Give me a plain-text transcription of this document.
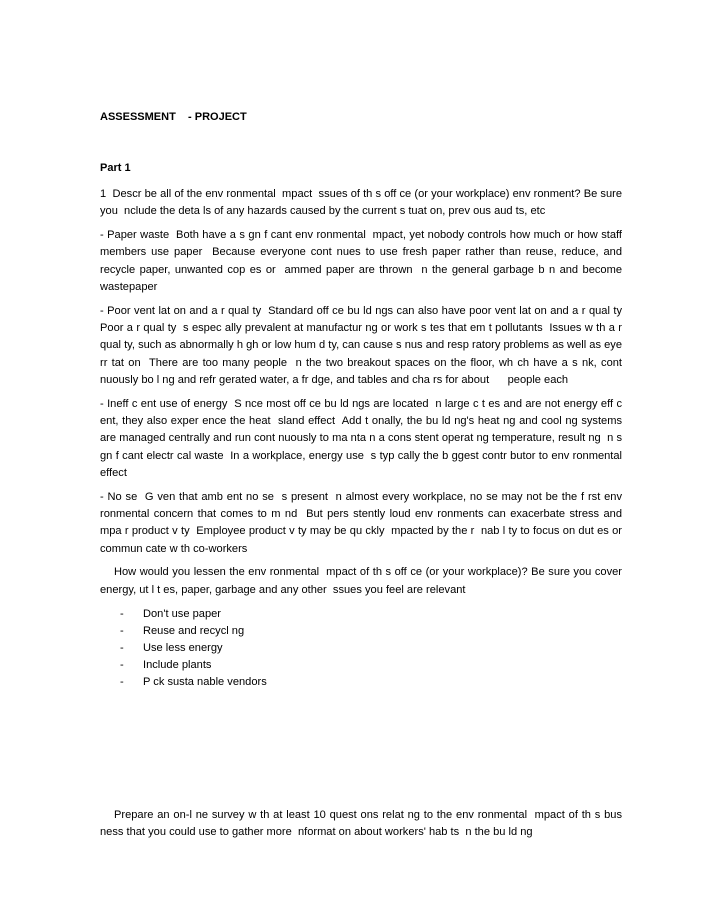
ASSESSMENT    - PROJECT

Part 1

1  Descr be all of the env ronmental  mpact  ssues of th s off ce (or your workplace) env ronment? Be sure you  nclude the deta ls of any hazards caused by the current s tuat on, prev ous aud ts, etc

- Paper waste  Both have a s gn f cant env ronmental  mpact, yet nobody controls how much or how staff members use paper  Because everyone cont nues to use fresh paper rather than reuse, reduce, and recycle paper, unwanted cop es or  ammed paper are thrown  n the general garbage b n and become wastepaper

- Poor vent lat on and a r qual ty  Standard off ce bu ld ngs can also have poor vent lat on and a r qual ty  Poor a r qual ty  s espec ally prevalent at manufactur ng or work s tes that em t pollutants  Issues w th a r qual ty, such as abnormally h gh or low hum d ty, can cause s nus and resp ratory problems as well as eye  rr tat on  There are too many people  n the two breakout spaces on the floor, wh ch have a s nk, cont nuously bo l ng and refr gerated water, a fr dge, and tables and cha rs for about      people each

- Ineff c ent use of energy  S nce most off ce bu ld ngs are located  n large c t es and are not energy eff c ent, they also exper ence the heat  sland effect  Add t onally, the bu ld ng's heat ng and cool ng systems are managed centrally and run cont nuously to ma nta n a cons stent operat ng temperature, result ng  n s gn f cant electr cal waste  In a workplace, energy use  s typ cally the b ggest contr butor to env ronmental effect

- No se  G ven that amb ent no se  s present  n almost every workplace, no se may not be the f rst env ronmental concern that comes to m nd  But pers stently loud env ronments can exacerbate stress and  mpa r product v ty  Employee product v ty may be qu ckly  mpacted by the r  nab l ty to focus on dut es or commun cate w th co-workers

How would you lessen the env ronmental  mpact of th s off ce (or your workplace)? Be sure you cover energy, ut l t es, paper, garbage and any other  ssues you feel are relevant

- Don't use paper
- Reuse and recycl ng
- Use less energy
- Include plants
- P ck susta nable vendors

Prepare an on-l ne survey w th at least 10 quest ons relat ng to the env ronmental  mpact of th s bus ness that you could use to gather more  nformat on about workers' hab ts  n the bu ld ng
